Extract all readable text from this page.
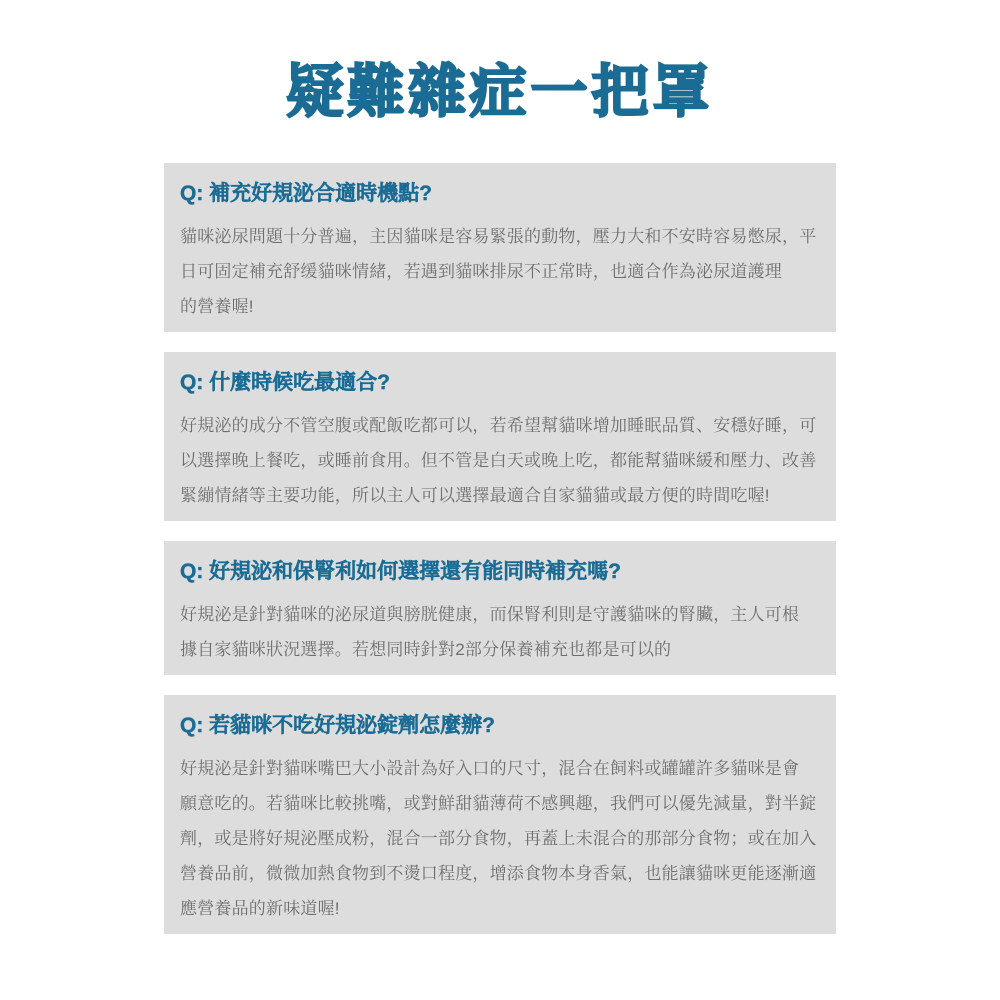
疑難雜症一把罩
Q: 補充好規泌合適時機點?
貓咪泌尿問題十分普遍，主因貓咪是容易緊張的動物，壓力大和不安時容易憋尿，平
日可固定補充舒缓貓咪情緒，若遇到貓咪排尿不正常時，也適合作為泌尿道護理
的營養喔!
Q: 什麼時候吃最適合?
好規泌的成分不管空腹或配飯吃都可以，若希望幫貓咪增加睡眠品質、安穩好睡，可
以選擇晚上餐吃，或睡前食用。但不管是白天或晚上吃，都能幫貓咪緩和壓力、改善
緊繃情緒等主要功能，所以主人可以選擇最適合自家貓貓或最方便的時間吃喔!
Q: 好規泌和保腎利如何選擇還有能同時補充嗎?
好規泌是針對貓咪的泌尿道與膀胱健康，而保腎利則是守護貓咪的腎臟，主人可根
據自家貓咪狀況選擇。若想同時針對2部分保養補充也都是可以的
Q: 若貓咪不吃好規泌錠劑怎麼辦?
好規泌是針對貓咪嘴巴大小設計為好入口的尺寸，混合在飼料或罐罐許多貓咪是會
願意吃的。若貓咪比較挑嘴，或對鮮甜貓薄荷不感興趣，我們可以優先減量，對半錠
劑，或是將好規泌壓成粉，混合一部分食物，再蓋上未混合的那部分食物；或在加入
營養品前，微微加熱食物到不燙口程度，增添食物本身香氣，也能讓貓咪更能逐漸適
應營養品的新味道喔!
